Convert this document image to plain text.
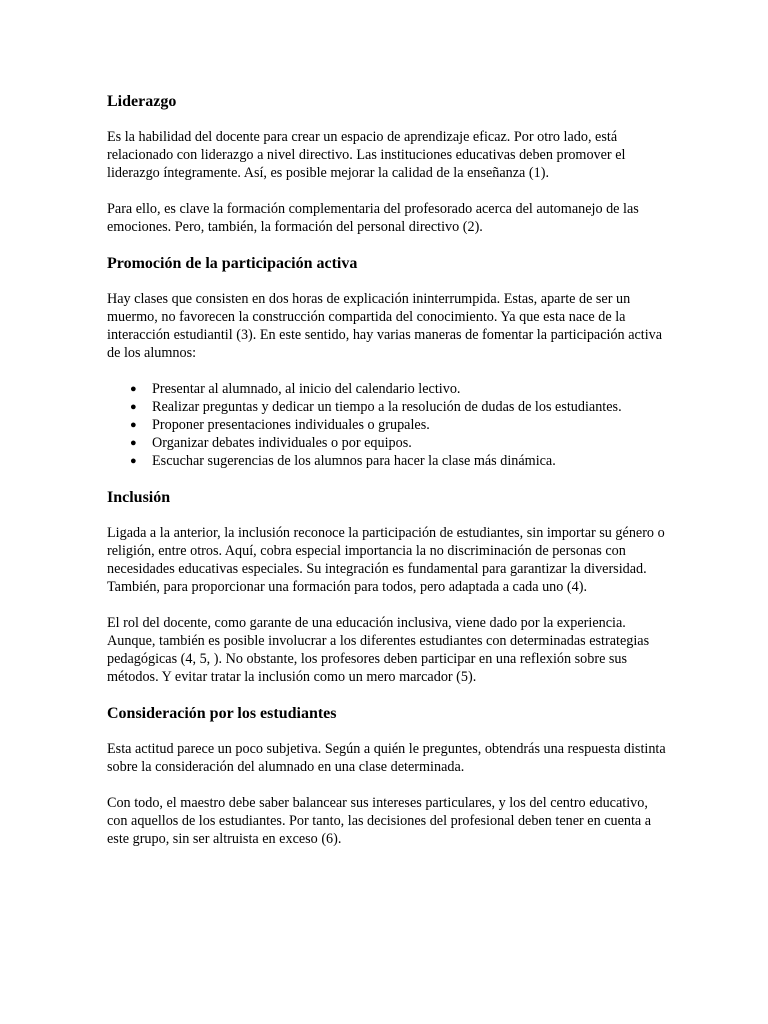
Liderazgo

Es la habilidad del docente para crear un espacio de aprendizaje eficaz. Por otro lado, está relacionado con liderazgo a nivel directivo. Las instituciones educativas deben promover el liderazgo íntegramente. Así, es posible mejorar la calidad de la enseñanza (1).

Para ello, es clave la formación complementaria del profesorado acerca del automanejo de las emociones. Pero, también, la formación del personal directivo (2).

Promoción de la participación activa

Hay clases que consisten en dos horas de explicación ininterrumpida. Estas, aparte de ser un muermo, no favorecen la construcción compartida del conocimiento. Ya que esta nace de la interacción estudiantil (3). En este sentido, hay varias maneras de fomentar la participación activa de los alumnos:

● Presentar al alumnado, al inicio del calendario lectivo.
● Realizar preguntas y dedicar un tiempo a la resolución de dudas de los estudiantes.
● Proponer presentaciones individuales o grupales.
● Organizar debates individuales o por equipos.
● Escuchar sugerencias de los alumnos para hacer la clase más dinámica.
Inclusión

Ligada a la anterior, la inclusión reconoce la participación de estudiantes, sin importar su género o religión, entre otros. Aquí, cobra especial importancia la no discriminación de personas con necesidades educativas especiales. Su integración es fundamental para garantizar la diversidad. También, para proporcionar una formación para todos, pero adaptada a cada uno (4).

El rol del docente, como garante de una educación inclusiva, viene dado por la experiencia. Aunque, también es posible involucrar a los diferentes estudiantes con determinadas estrategias pedagógicas (4, 5, ). No obstante, los profesores deben participar en una reflexión sobre sus métodos. Y evitar tratar la inclusión como un mero marcador (5).

Consideración por los estudiantes

Esta actitud parece un poco subjetiva. Según a quién le preguntes, obtendrás una respuesta distinta sobre la consideración del alumnado en una clase determinada.

Con todo, el maestro debe saber balancear sus intereses particulares, y los del centro educativo, con aquellos de los estudiantes. Por tanto, las decisiones del profesional deben tener en cuenta a este grupo, sin ser altruista en exceso (6).
